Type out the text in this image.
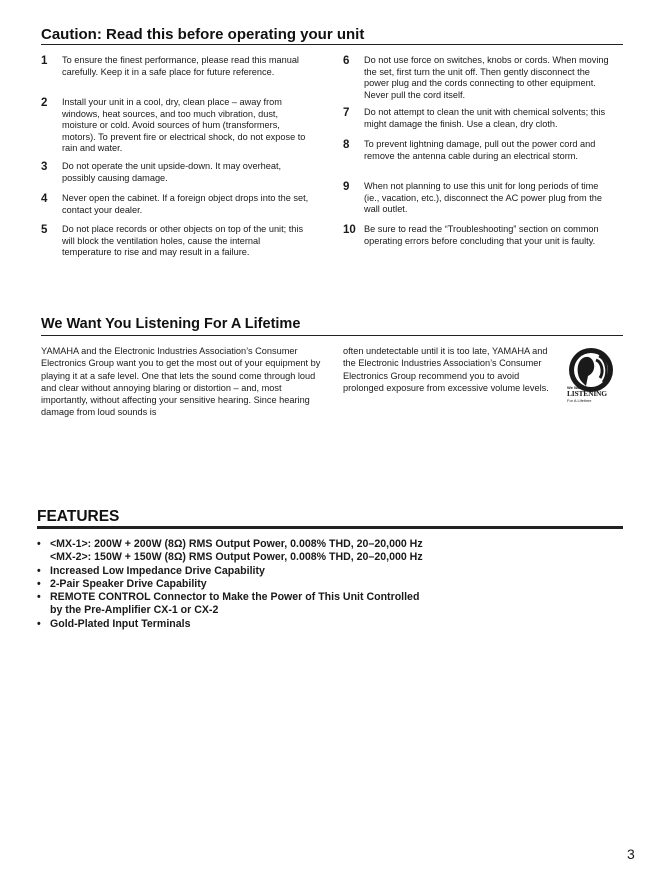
Caution: Read this before operating your unit
1	To ensure the finest performance, please read this manual carefully. Keep it in a safe place for future reference.
2	Install your unit in a cool, dry, clean place – away from windows, heat sources, and too much vibration, dust, moisture or cold. Avoid sources of hum (transformers, motors). To prevent fire or electrical shock, do not expose to rain and water.
3	Do not operate the unit upside-down. It may overheat, possibly causing damage.
4	Never open the cabinet. If a foreign object drops into the set, contact your dealer.
5	Do not place records or other objects on top of the unit; this will block the ventilation holes, cause the internal temperature to rise and may result in a failure.
6	Do not use force on switches, knobs or cords. When moving the set, first turn the unit off. Then gently disconnect the power plug and the cords connecting to other equipment. Never pull the cord itself.
7	Do not attempt to clean the unit with chemical solvents; this might damage the finish. Use a clean, dry cloth.
8	To prevent lightning damage, pull out the power cord and remove the antenna cable during an electrical storm.
9	When not planning to use this unit for long periods of time (ie., vacation, etc.), disconnect the AC power plug from the wall outlet.
10 Be sure to read the “Troubleshooting” section on common operating errors before concluding that your unit is faulty.
We Want You Listening For A Lifetime
YAMAHA and the Electronic Industries Association’s Consumer Electronics Group want you to get the most out of your equipment by playing it at a safe level. One that lets the sound come through loud and clear without annoying blaring or distortion – and, most importantly, without affecting your sensitive hearing. Since hearing damage from loud sounds is
often undetectable until it is too late, YAMAHA and the Electronic Industries Association’s Consumer Electronics Group recommend you to avoid prolonged exposure from excessive volume levels.	We Want You
LISTENING
For A Lifetime
FEATURES
• <MX-1>: 200W + 200W (8Ω) RMS Output Power, 0.008% THD, 20–20,000 Hz
<MX-2>: 150W + 150W (8Ω) RMS Output Power, 0.008% THD, 20–20,000 Hz
• Increased Low Impedance Drive Capability
• 2-Pair Speaker Drive Capability
• REMOTE CONTROL Connector to Make the Power of This Unit Controlled
by the Pre-Amplifier CX-1 or CX-2
• Gold-Plated Input Terminals
3
